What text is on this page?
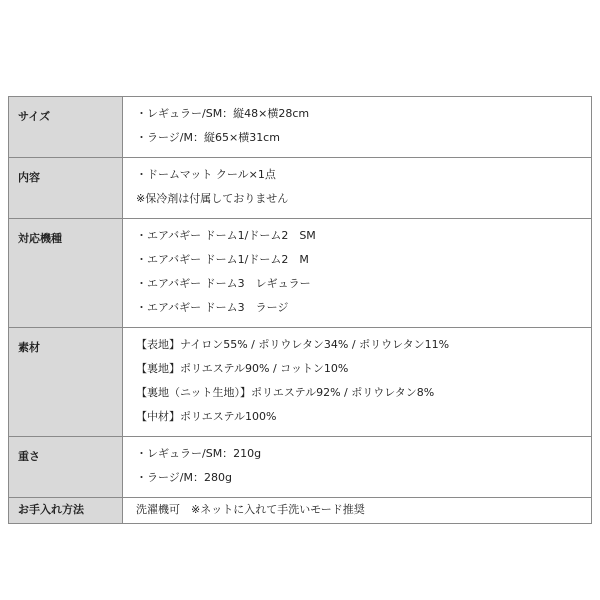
サイズ	・レギュラー/SM：縦48×横28cm
・ラージ/M：縦65×横31cm

内容	・ドームマット クール×1点
※保冷剤は付属しておりません

対応機種	・エアバギー ドーム1/ドーム2　SM
・エアバギー ドーム1/ドーム2　M
・エアバギー ドーム3　レギュラー
・エアバギー ドーム3　ラージ

素材	【表地】ナイロン55% / ポリウレタン34% / ポリウレタン11%
【裏地】ポリエステル90% / コットン10%
【裏地（ニット生地）】ポリエステル92% / ポリウレタン8%
【中材】ポリエステル100%

重さ	・レギュラー/SM：210g
・ラージ/M：280g

お手入れ方法	洗濯機可　※ネットに入れて手洗いモード推奨
